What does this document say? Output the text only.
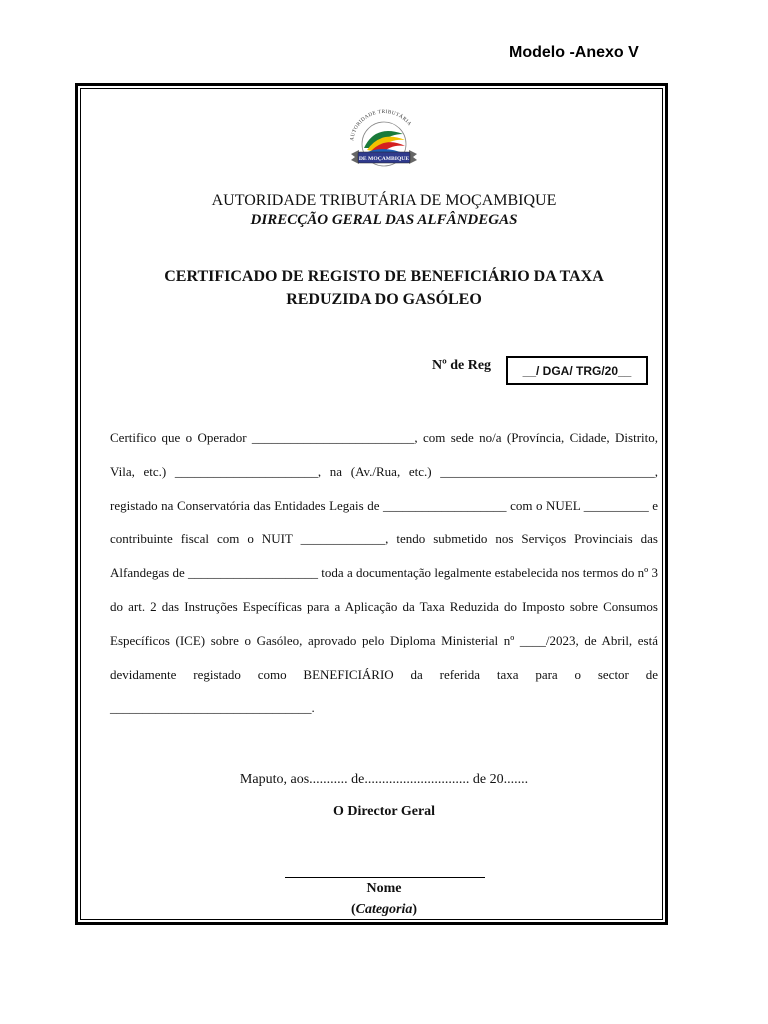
Modelo -Anexo V
AUTORIDADE TRIBUTÁRIA
DE MOÇAMBIQUE
AUTORIDADE TRIBUTÁRIA DE MOÇAMBIQUE
DIRECÇÃO GERAL DAS ALFÂNDEGAS
CERTIFICADO DE REGISTO DE BENEFICIÁRIO DA TAXA
REDUZIDA DO GASÓLEO
Nº de Reg	__/ DGA/ TRG/20__

Certifico que o Operador _________________________, com sede no/a (Província, Cidade, Distrito, Vila, etc.) ______________________, na (Av./Rua, etc.) _________________________________, registado na Conservatória das Entidades Legais de ___________________ com o NUEL __________ e contribuinte fiscal com o NUIT _____________, tendo submetido nos Serviços Provinciais das Alfandegas de ____________________ toda a documentação legalmente estabelecida nos termos do nº 3 do art. 2 das Instruções Específicas para a Aplicação da Taxa Reduzida do Imposto sobre Consumos Específicos (ICE) sobre o Gasóleo, aprovado pelo Diploma Ministerial nº ____/2023, de Abril, está devidamente registado como BENEFICIÁRIO da referida taxa para o sector de _______________________________.

Maputo, aos........... de.............................. de 20.......
O Director Geral
Nome
(Categoria)
